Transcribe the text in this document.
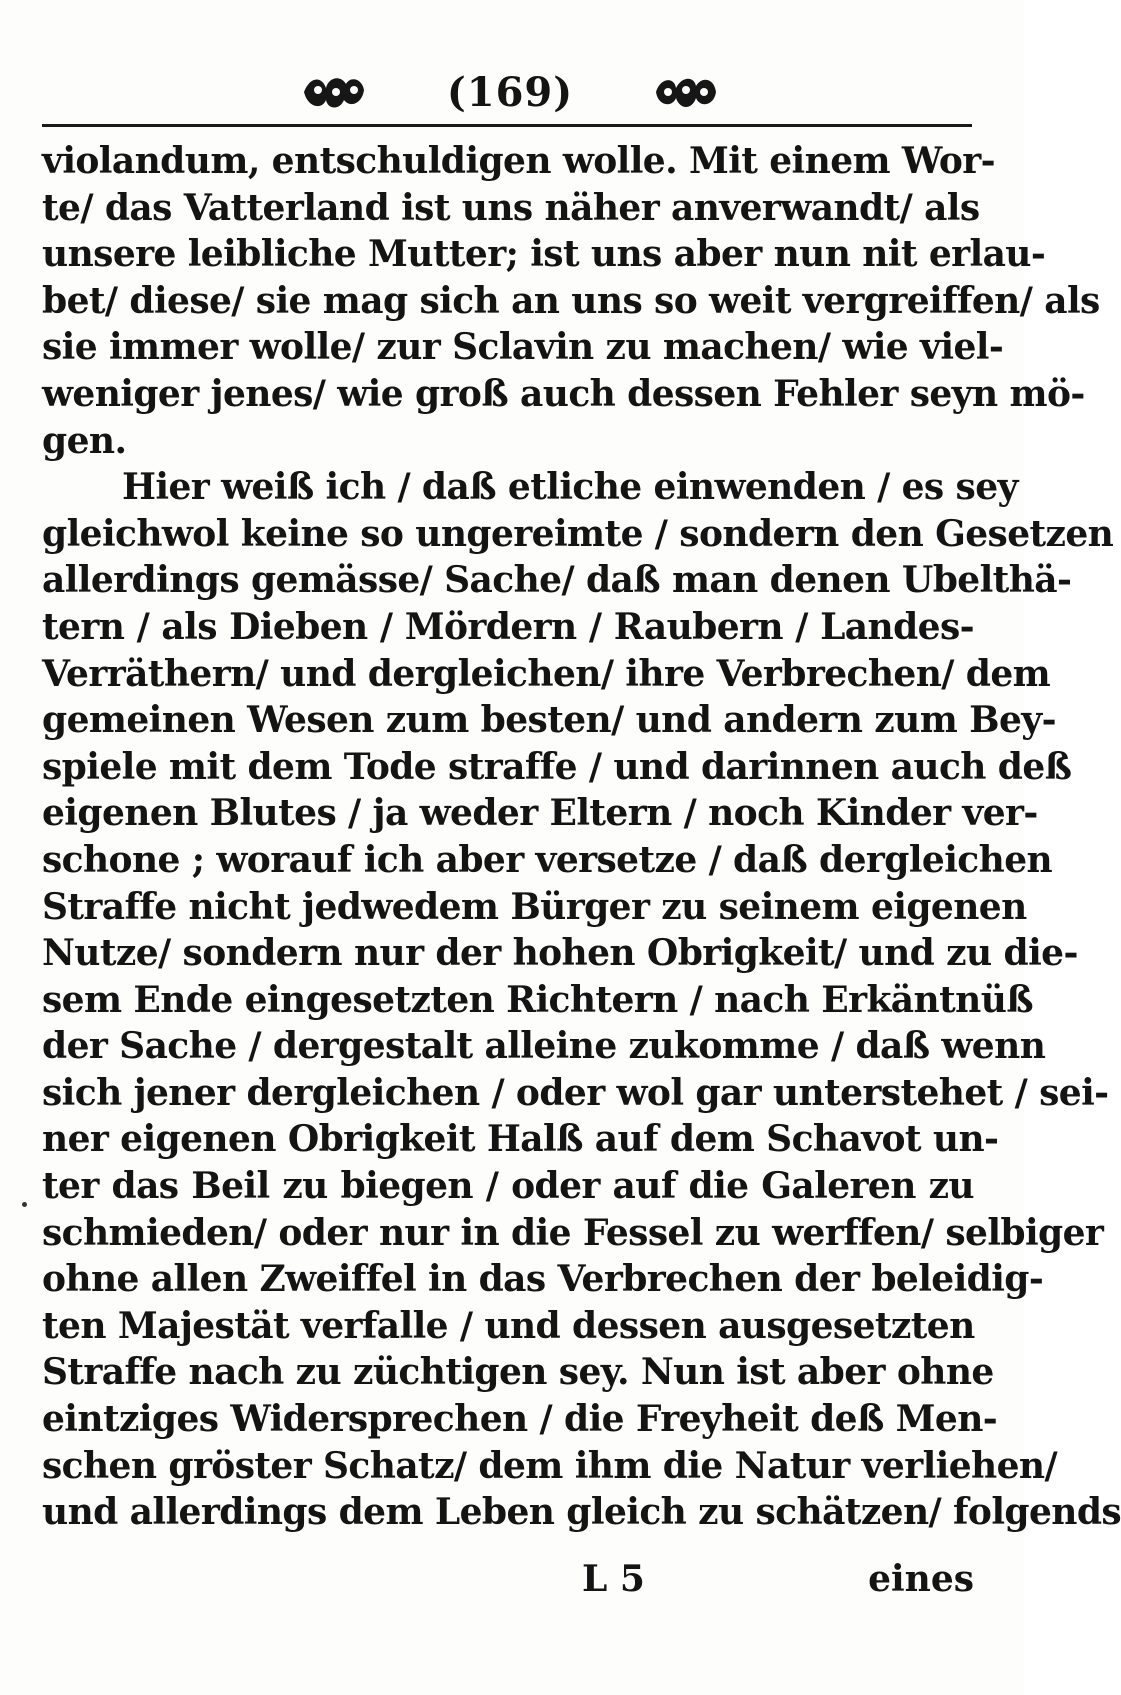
(169)
violandum, entschuldigen wolle. Mit einem Wor-
te/ das Vatterland ist uns näher anverwandt/ als
unsere leibliche Mutter; ist uns aber nun nit erlau-
bet/ diese/ sie mag sich an uns so weit vergreiffen/ als
sie immer wolle/ zur Sclavin zu machen/ wie viel-
weniger jenes/ wie groß auch dessen Fehler seyn mö-
gen.
Hier weiß ich / daß etliche einwenden / es sey
gleichwol keine so ungereimte / sondern den Gesetzen
allerdings gemässe/ Sache/ daß man denen Ubelthä-
tern / als Dieben / Mördern / Raubern / Landes-
Verräthern/ und dergleichen/ ihre Verbrechen/ dem
gemeinen Wesen zum besten/ und andern zum Bey-
spiele mit dem Tode straffe / und darinnen auch deß
eigenen Blutes / ja weder Eltern / noch Kinder ver-
schone ; worauf ich aber versetze / daß dergleichen
Straffe nicht jedwedem Bürger zu seinem eigenen
Nutze/ sondern nur der hohen Obrigkeit/ und zu die-
sem Ende eingesetzten Richtern / nach Erkäntnüß
der Sache / dergestalt alleine zukomme / daß wenn
sich jener dergleichen / oder wol gar unterstehet / sei-
ner eigenen Obrigkeit Halß auf dem Schavot un-
ter das Beil zu biegen / oder auf die Galeren zu
schmieden/ oder nur in die Fessel zu werffen/ selbiger
ohne allen Zweiffel in das Verbrechen der beleidig-
ten Majestät verfalle / und dessen ausgesetzten
Straffe nach zu züchtigen sey. Nun ist aber ohne
eintziges Widersprechen / die Freyheit deß Men-
schen gröster Schatz/ dem ihm die Natur verliehen/
und allerdings dem Leben gleich zu schätzen/ folgends
L 5	eines
